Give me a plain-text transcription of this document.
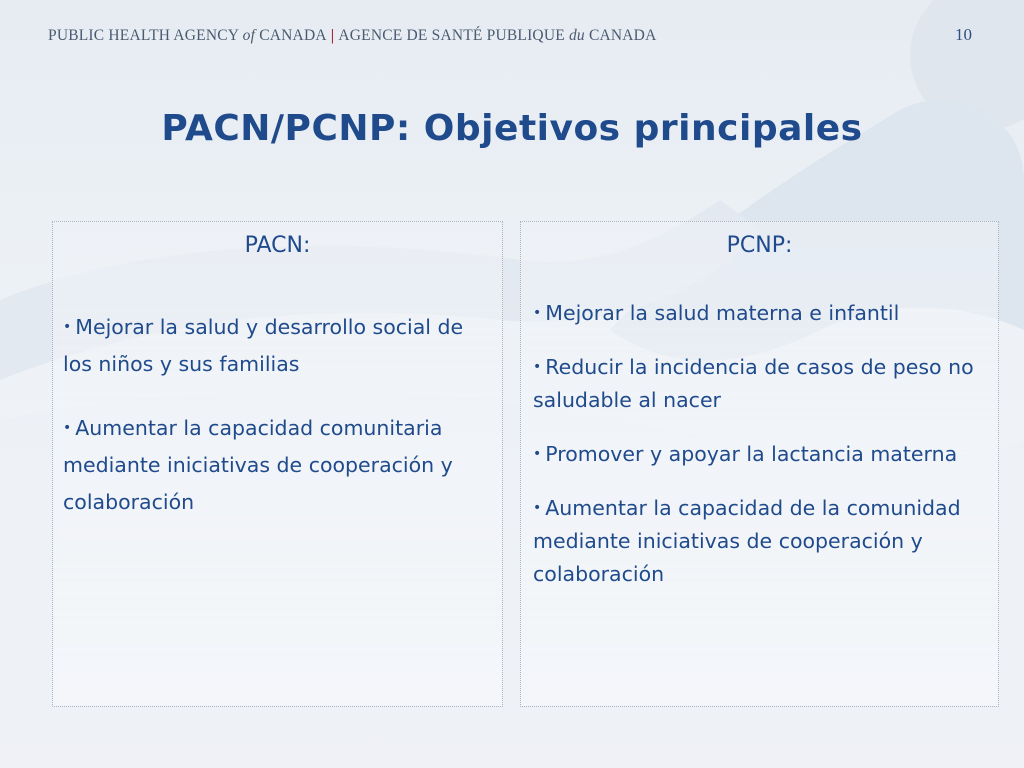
PUBLIC HEALTH AGENCY of CANADA | AGENCE DE SANTÉ PUBLIQUE du CANADA	10
PACN/PCNP: Objetivos principales
PACN:
• Mejorar la salud y desarrollo social de los niños y sus familias
• Aumentar la capacidad comunitaria mediante iniciativas de cooperación y colaboración
PCNP:
• Mejorar la salud materna e infantil
• Reducir la incidencia de casos de peso no saludable al nacer
• Promover y apoyar la lactancia materna
• Aumentar la capacidad de la comunidad mediante iniciativas de cooperación y colaboración
